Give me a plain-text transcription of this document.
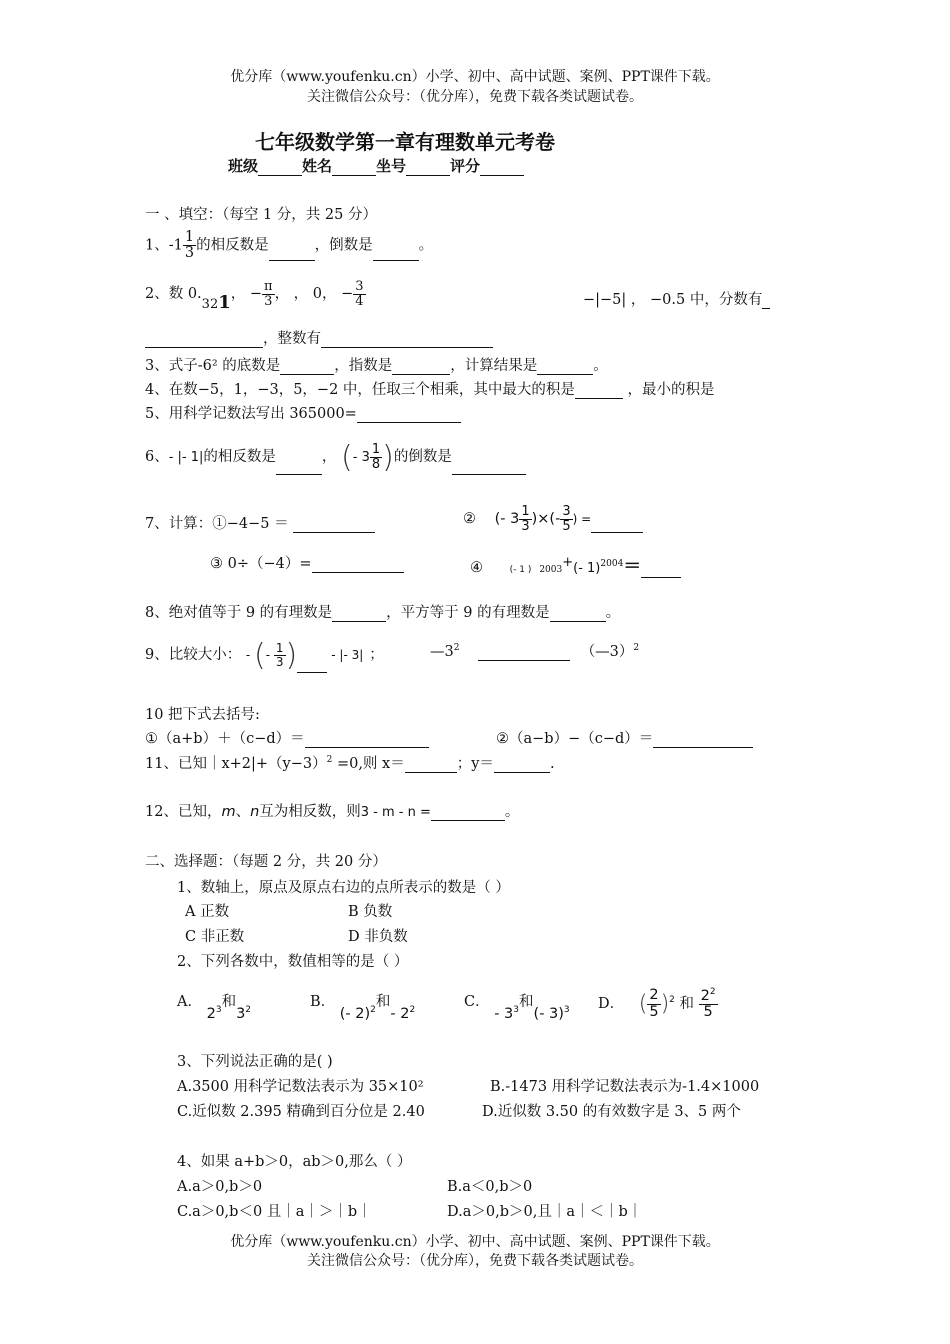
优分库（www.youfenku.cn）小学、初中、高中试题、案例、PPT课件下载。
关注微信公众号：（优分库），免费下载各类试题试卷。
七年级数学第一章有理数单元考卷
班级	姓名	坐号	评分
一 、填空：（每空 1 分，共 25 分）
1、$-1 \frac{1}{3}$ 的相反数是	，倒数是	。
2、数 0.321， − $\frac{\pi}{3}$ ， ， 0， − $\frac{3}{4}$	−|−5| ， −0.5 中，分数有
，整数有
3、式子-6² 的底数是	，指数是	，计算结果是	。
4、在数−5，1，−3，5，−2 中，任取三个相乘，其中最大的积是	，最小的积是
5、用科学记数法写出 365000=
6、- |- 1|的相反数是	， (- $3 \frac{1}{8}$ )的倒数是
7、计算：①−4−5 ＝	② (- $3 \frac{1}{3}$ )×(- $\frac{3}{5}$ ) =
③ 0÷（−4）=	④	(- 1 ) 2003+(- 1)$^{2004}$＝
8、绝对值等于 9 的有理数是	，平方等于 9 的有理数是	。
9、比较大小： - (- $\frac{1}{3}$ )	- |- 3| ；	$—3^2$	（—3）$^2$
10 把下式去括号:
①（a+b）＋（c−d）＝	②（a−b）−（c−d）＝
11、已知$|x+2|+(y-3)^2 =0$,则 x＝	；y＝	.
12、已知，m、n互为相反数，则3 - m - n =	。
二、选择题：（每题 2 分，共 20 分）
1、数轴上，原点及原点右边的点所表示的数是（ ）
A 正数	B 负数
C 非正数	D 非负数
2、下列各数中，数值相等的是（ ）
A． $2^3$和$3^2$
B． (- 2)$^2$和- $2^2$
C． - $3^3$和(- 3)$^3$ D． ( $\frac{2}{5} )^2$ 和 $\frac{2^2}{5}$
3、下列说法正确的是( )
A.3500 用科学记数法表示为 35×10²	B.-1473 用科学记数法表示为-1.4×1000
C.近似数 2.395 精确到百分位是 2.40	D.近似数 3.50 的有效数字是 3、5 两个
4、如果 a+b＞0，ab＞0,那么（ ）
A.a＞0,b＞0	B.a＜0,b＞0
C.a＞0,b＜0 且｜a｜＞｜b｜	D.a＞0,b＞0,且｜a｜＜｜b｜
优分库（www.youfenku.cn）小学、初中、高中试题、案例、PPT课件下载。
关注微信公众号：（优分库），免费下载各类试题试卷。
